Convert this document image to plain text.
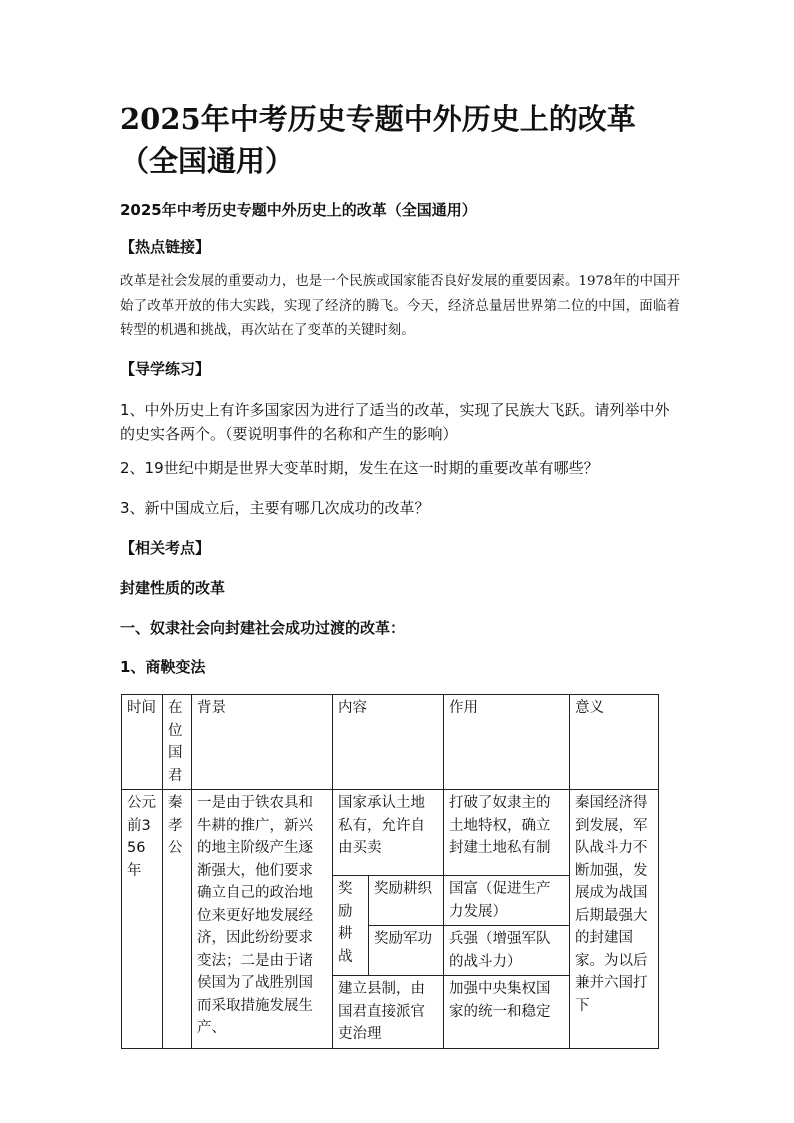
2025年中考历史专题中外历史上的改革（全国通用）

2025年中考历史专题中外历史上的改革（全国通用）

【热点链接】

改革是社会发展的重要动力，也是一个民族或国家能否良好发展的重要因素。1978年的中国开始了改革开放的伟大实践，实现了经济的腾飞。今天，经济总量居世界第二位的中国，面临着转型的机遇和挑战，再次站在了变革的关键时刻。

【导学练习】

1、中外历史上有许多国家因为进行了适当的改革，实现了民族大飞跃。请列举中外的史实各两个。（要说明事件的名称和产生的影响）

2、19世纪中期是世界大变革时期，发生在这一时期的重要改革有哪些？

3、新中国成立后，主要有哪几次成功的改革？

【相关考点】

封建性质的改革

一、奴隶社会向封建社会成功过渡的改革：

1、商鞅变法

时间	在位国君	背景	内容		作用	意义
公元前356年	秦孝公	一是由于铁农具和牛耕的推广，新兴的地主阶级产生逐渐强大，他们要求确立自己的政治地位来更好地发展经济，因此纷纷要求变法；二是由于诸侯国为了战胜别国而采取措施发展生产、	国家承认土地私有，允许自由买卖		打破了奴隶主的土地特权，确立封建土地私有制	秦国经济得到发展，军队战斗力不断加强，发展成为战国后期最强大的封建国家。为以后兼并六国打下
			奖励耕战	奖励耕织	国富（促进生产力发展）	
				奖励军功	兵强（增强军队的战斗力）	
			建立县制，由国君直接派官吏治理		加强中央集权国家的统一和稳定	
